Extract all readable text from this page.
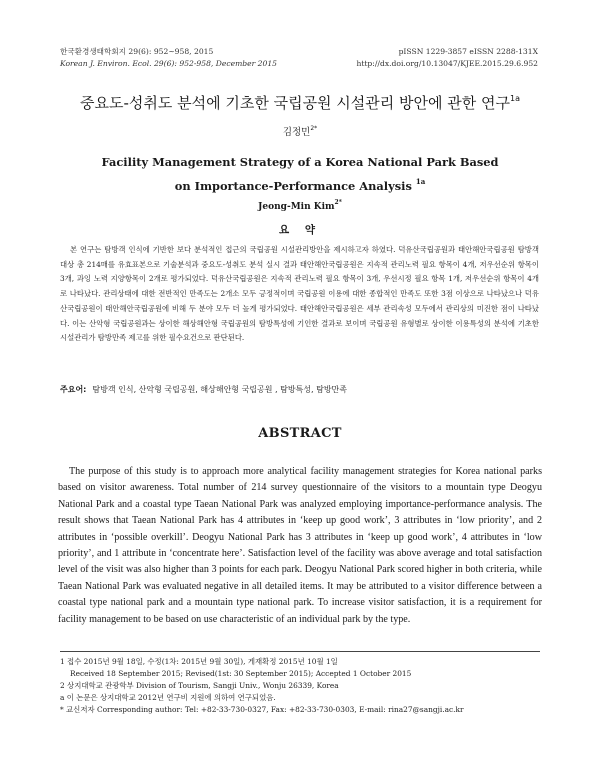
한국환경생태학회지 29(6): 952~958, 2015
Korean J. Environ. Ecol. 29(6): 952-958, December 2015
pISSN 1229-3857 eISSN 2288-131X
http://dx.doi.org/10.13047/KJEE.2015.29.6.952
중요도-성취도 분석에 기초한 국립공원 시설관리 방안에 관한 연구$^{1a}$
김정민$^{2*}$
Facility Management Strategy of a Korea National Park Based
on Importance-Performance Analysis $^{1a}$
Jeong-Min Kim$^{2*}$
요 약

본 연구는 탐방객 인식에 기반한 보다 분석적인 접근의 국립공원 시설관리방안을 제시하고자 하였다. 덕유산국립공원과 태안해안국립공원 탐방객 대상 총 214매를 유효표본으로 기술분석과 중요도-성취도 분석 실시 결과 태안해안국립공원은 지속적 관리노력 필요 항목이 4개, 저우선순위 항목이 3개, 과잉 노력 지양항목이 2개로 평가되었다. 덕유산국립공원은 지속적 관리노력 필요 항목이 3개, 우선시정 필요 항목 1개, 저우선순위 항목이 4개로 나타났다. 관리상태에 대한 전반적인 만족도는 2개소 모두 긍정적이며 국립공원 이용에 대한 종합적인 만족도 또한 3점 이상으로 나타났으나 덕유산국립공원이 태안해안국립공원에 비해 두 분야 모두 더 높게 평가되었다. 태안해안국립공원은 세부 관리속성 모두에서 관리상의 미진한 점이 나타났다. 이는 산악형 국립공원과는 상이한 해상해안형 국립공원의 탐방특성에 기인한 결과로 보이며 국립공원 유형별로 상이한 이용특성의 분석에 기초한 시설관리가 탐방만족 제고를 위한 필수요건으로 판단된다.

주요어: 탐방객 인식, 산악형 국립공원, 해상해안형 국립공원 , 탐방특성, 탐방만족
ABSTRACT

The purpose of this study is to approach more analytical facility management strategies for Korea national parks based on visitor awareness. Total number of 214 survey questionnaire of the visitors to a mountain type Deogyu National Park and a coastal type Taean National Park was analyzed employing importance-performance analysis. The result shows that Taean National Park has 4 attributes in ‘keep up good work’, 3 attributes in ‘low priority’, and 2 attributes in ‘possible overkill’. Deogyu National Park has 3 attributes in ‘keep up good work’, 4 attributes in ‘low priority’, and 1 attribute in ‘concentrate here’. Satisfaction level of the facility was above average and total satisfaction level of the visit was also higher than 3 points for each park. Deogyu National Park scored higher in both criteria, while Taean National Park was evaluated negative in all detailed items. It may be attributed to a visitor difference between a coastal type national park and a mountain type national park. To increase visitor satisfaction, it is a requirement for facility management to be based on use characteristic of an individual park by the type.

1 접수 2015년 9월 18일, 수정(1차: 2015년 9월 30일), 게재확정 2015년 10월 1일
Received 18 September 2015; Revised(1st: 30 September 2015); Accepted 1 October 2015
2 상지대학교 관광학부 Division of Tourism, Sangji Univ., Wonju 26339, Korea
a 이 논문은 상지대학교 2012년 연구비 지원에 의하여 연구되었음.
* 교신저자 Corresponding author: Tel: +82-33-730-0327, Fax: +82-33-730-0303, E-mail: rina27@sangji.ac.kr
